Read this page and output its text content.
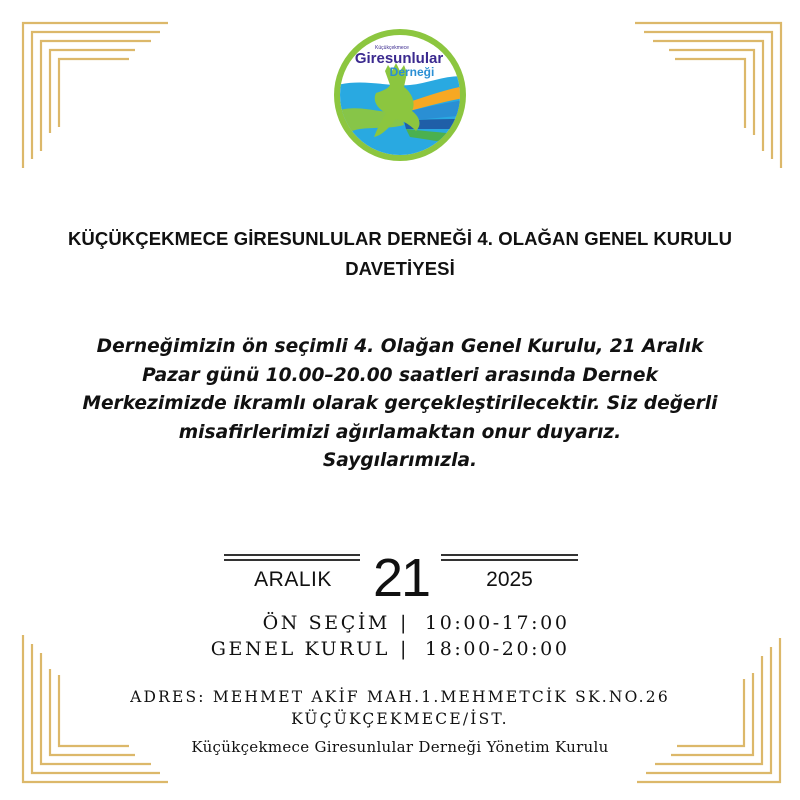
Küçükçekmece
Giresunlular
Derneği
KÜÇÜKÇEKMECE GİRESUNLULAR DERNEĞİ 4. OLAĞAN GENEL KURULU
DAVETİYESİ
Derneğimizin ön seçimli 4. Olağan Genel Kurulu, 21 Aralık
Pazar günü 10.00–20.00 saatleri arasında Dernek
Merkezimizde ikramlı olarak gerçekleştirilecektir. Siz değerli
misafirlerimizi ağırlamaktan onur duyarız.
Saygılarımızla.
ARALIK 21	2025
ÖN SEÇİM | 10:00-17:00
GENEL KURUL | 18:00-20:00
ADRES: MEHMET AKİF MAH.1.MEHMETCİK SK.NO.26
KÜÇÜKÇEKMECE/İST.
Küçükçekmece Giresunlular Derneği Yönetim Kurulu
